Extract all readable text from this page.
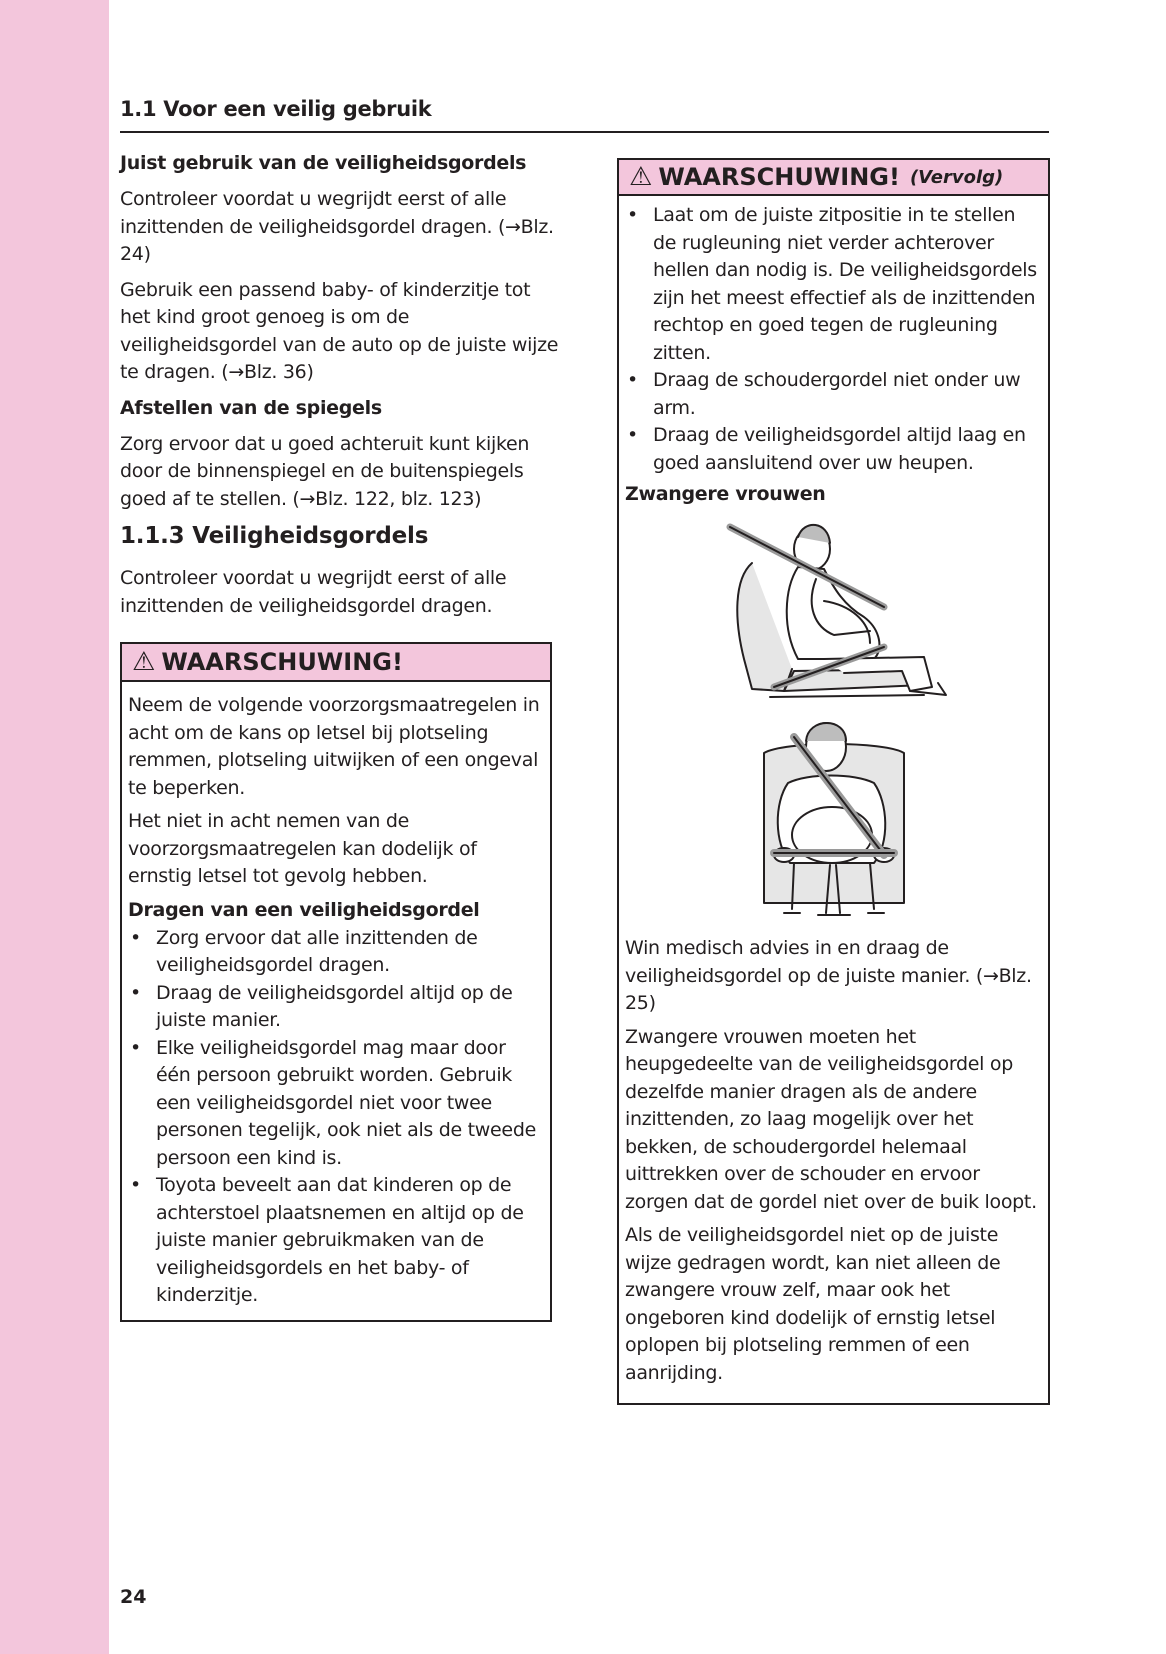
1.1 Voor een veilig gebruik
Juist gebruik van de veiligheidsgordels

Controleer voordat u wegrijdt eerst of alle inzittenden de veiligheidsgordel dragen. (→Blz. 24)

Gebruik een passend baby- of kinderzitje tot het kind groot genoeg is om de veiligheidsgordel van de auto op de juiste wijze te dragen. (→Blz. 36)

Afstellen van de spiegels

Zorg ervoor dat u goed achteruit kunt kijken door de binnenspiegel en de buitenspiegels goed af te stellen. (→Blz. 122, blz. 123)

1.1.3 Veiligheidsgordels

Controleer voordat u wegrijdt eerst of alle inzittenden de veiligheidsgordel dragen.

⚠ WAARSCHUWING!

Neem de volgende voorzorgsmaatregelen in acht om de kans op letsel bij plotseling remmen, plotseling uitwijken of een ongeval te beperken.

Het niet in acht nemen van de voorzorgsmaatregelen kan dodelijk of ernstig letsel tot gevolg hebben.

Dragen van een veiligheidsgordel
• Zorg ervoor dat alle inzittenden de veiligheidsgordel dragen.
• Draag de veiligheidsgordel altijd op de juiste manier.
• Elke veiligheidsgordel mag maar door één persoon gebruikt worden. Gebruik een veiligheidsgordel niet voor twee personen tegelijk, ook niet als de tweede persoon een kind is.
• Toyota beveelt aan dat kinderen op de achterstoel plaatsnemen en altijd op de juiste manier gebruikmaken van de veiligheidsgordels en het baby- of kinderzitje.
⚠ WAARSCHUWING! (Vervolg)
• Laat om de juiste zitpositie in te stellen de rugleuning niet verder achterover hellen dan nodig is. De veiligheidsgordels zijn het meest effectief als de inzittenden rechtop en goed tegen de rugleuning zitten.
• Draag de schoudergordel niet onder uw arm.
• Draag de veiligheidsgordel altijd laag en goed aansluitend over uw heupen.
Zwangere vrouwen

Win medisch advies in en draag de veiligheidsgordel op de juiste manier. (→Blz. 25)

Zwangere vrouwen moeten het heupgedeelte van de veiligheidsgordel op dezelfde manier dragen als de andere inzittenden, zo laag mogelijk over het bekken, de schoudergordel helemaal uittrekken over de schouder en ervoor zorgen dat de gordel niet over de buik loopt.

Als de veiligheidsgordel niet op de juiste wijze gedragen wordt, kan niet alleen de zwangere vrouw zelf, maar ook het ongeboren kind dodelijk of ernstig letsel oplopen bij plotseling remmen of een aanrijding.

24
